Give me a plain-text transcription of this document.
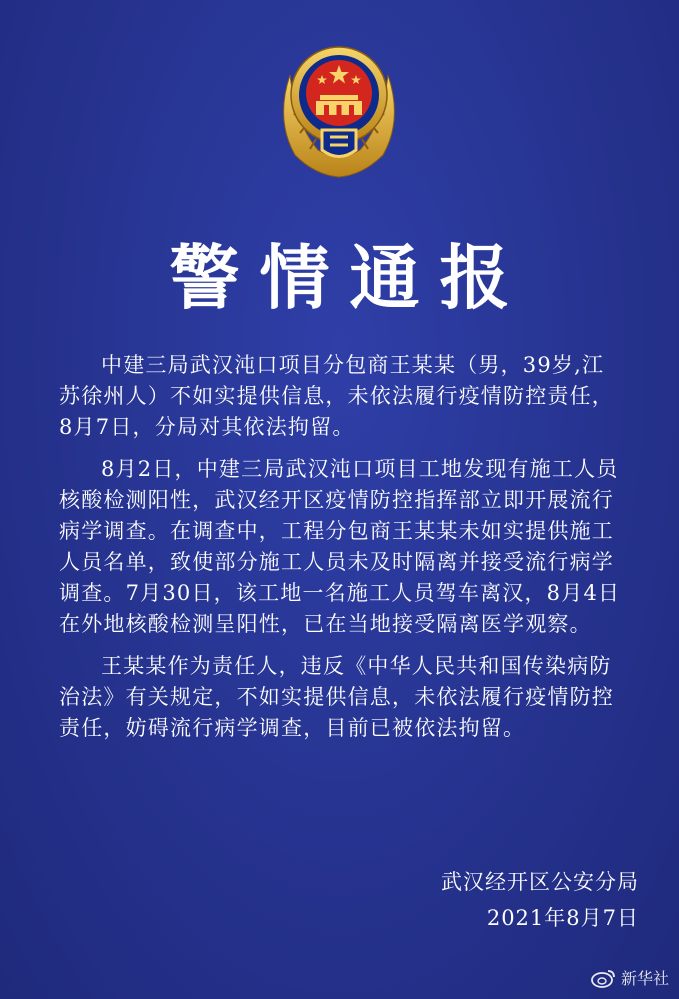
警情通报

中建三局武汉沌口项目分包商王某某（男，39岁,江苏徐州人）不如实提供信息，未依法履行疫情防控责任，8月7日，分局对其依法拘留。

8月2日，中建三局武汉沌口项目工地发现有施工人员核酸检测阳性，武汉经开区疫情防控指挥部立即开展流行病学调查。在调查中，工程分包商王某某未如实提供施工人员名单，致使部分施工人员未及时隔离并接受流行病学调查。7月30日，该工地一名施工人员驾车离汉，8月4日在外地核酸检测呈阳性，已在当地接受隔离医学观察。

王某某作为责任人，违反《中华人民共和国传染病防治法》有关规定，不如实提供信息，未依法履行疫情防控责任，妨碍流行病学调查，目前已被依法拘留。

武汉经开区公安分局
2021年8月7日
新华社
